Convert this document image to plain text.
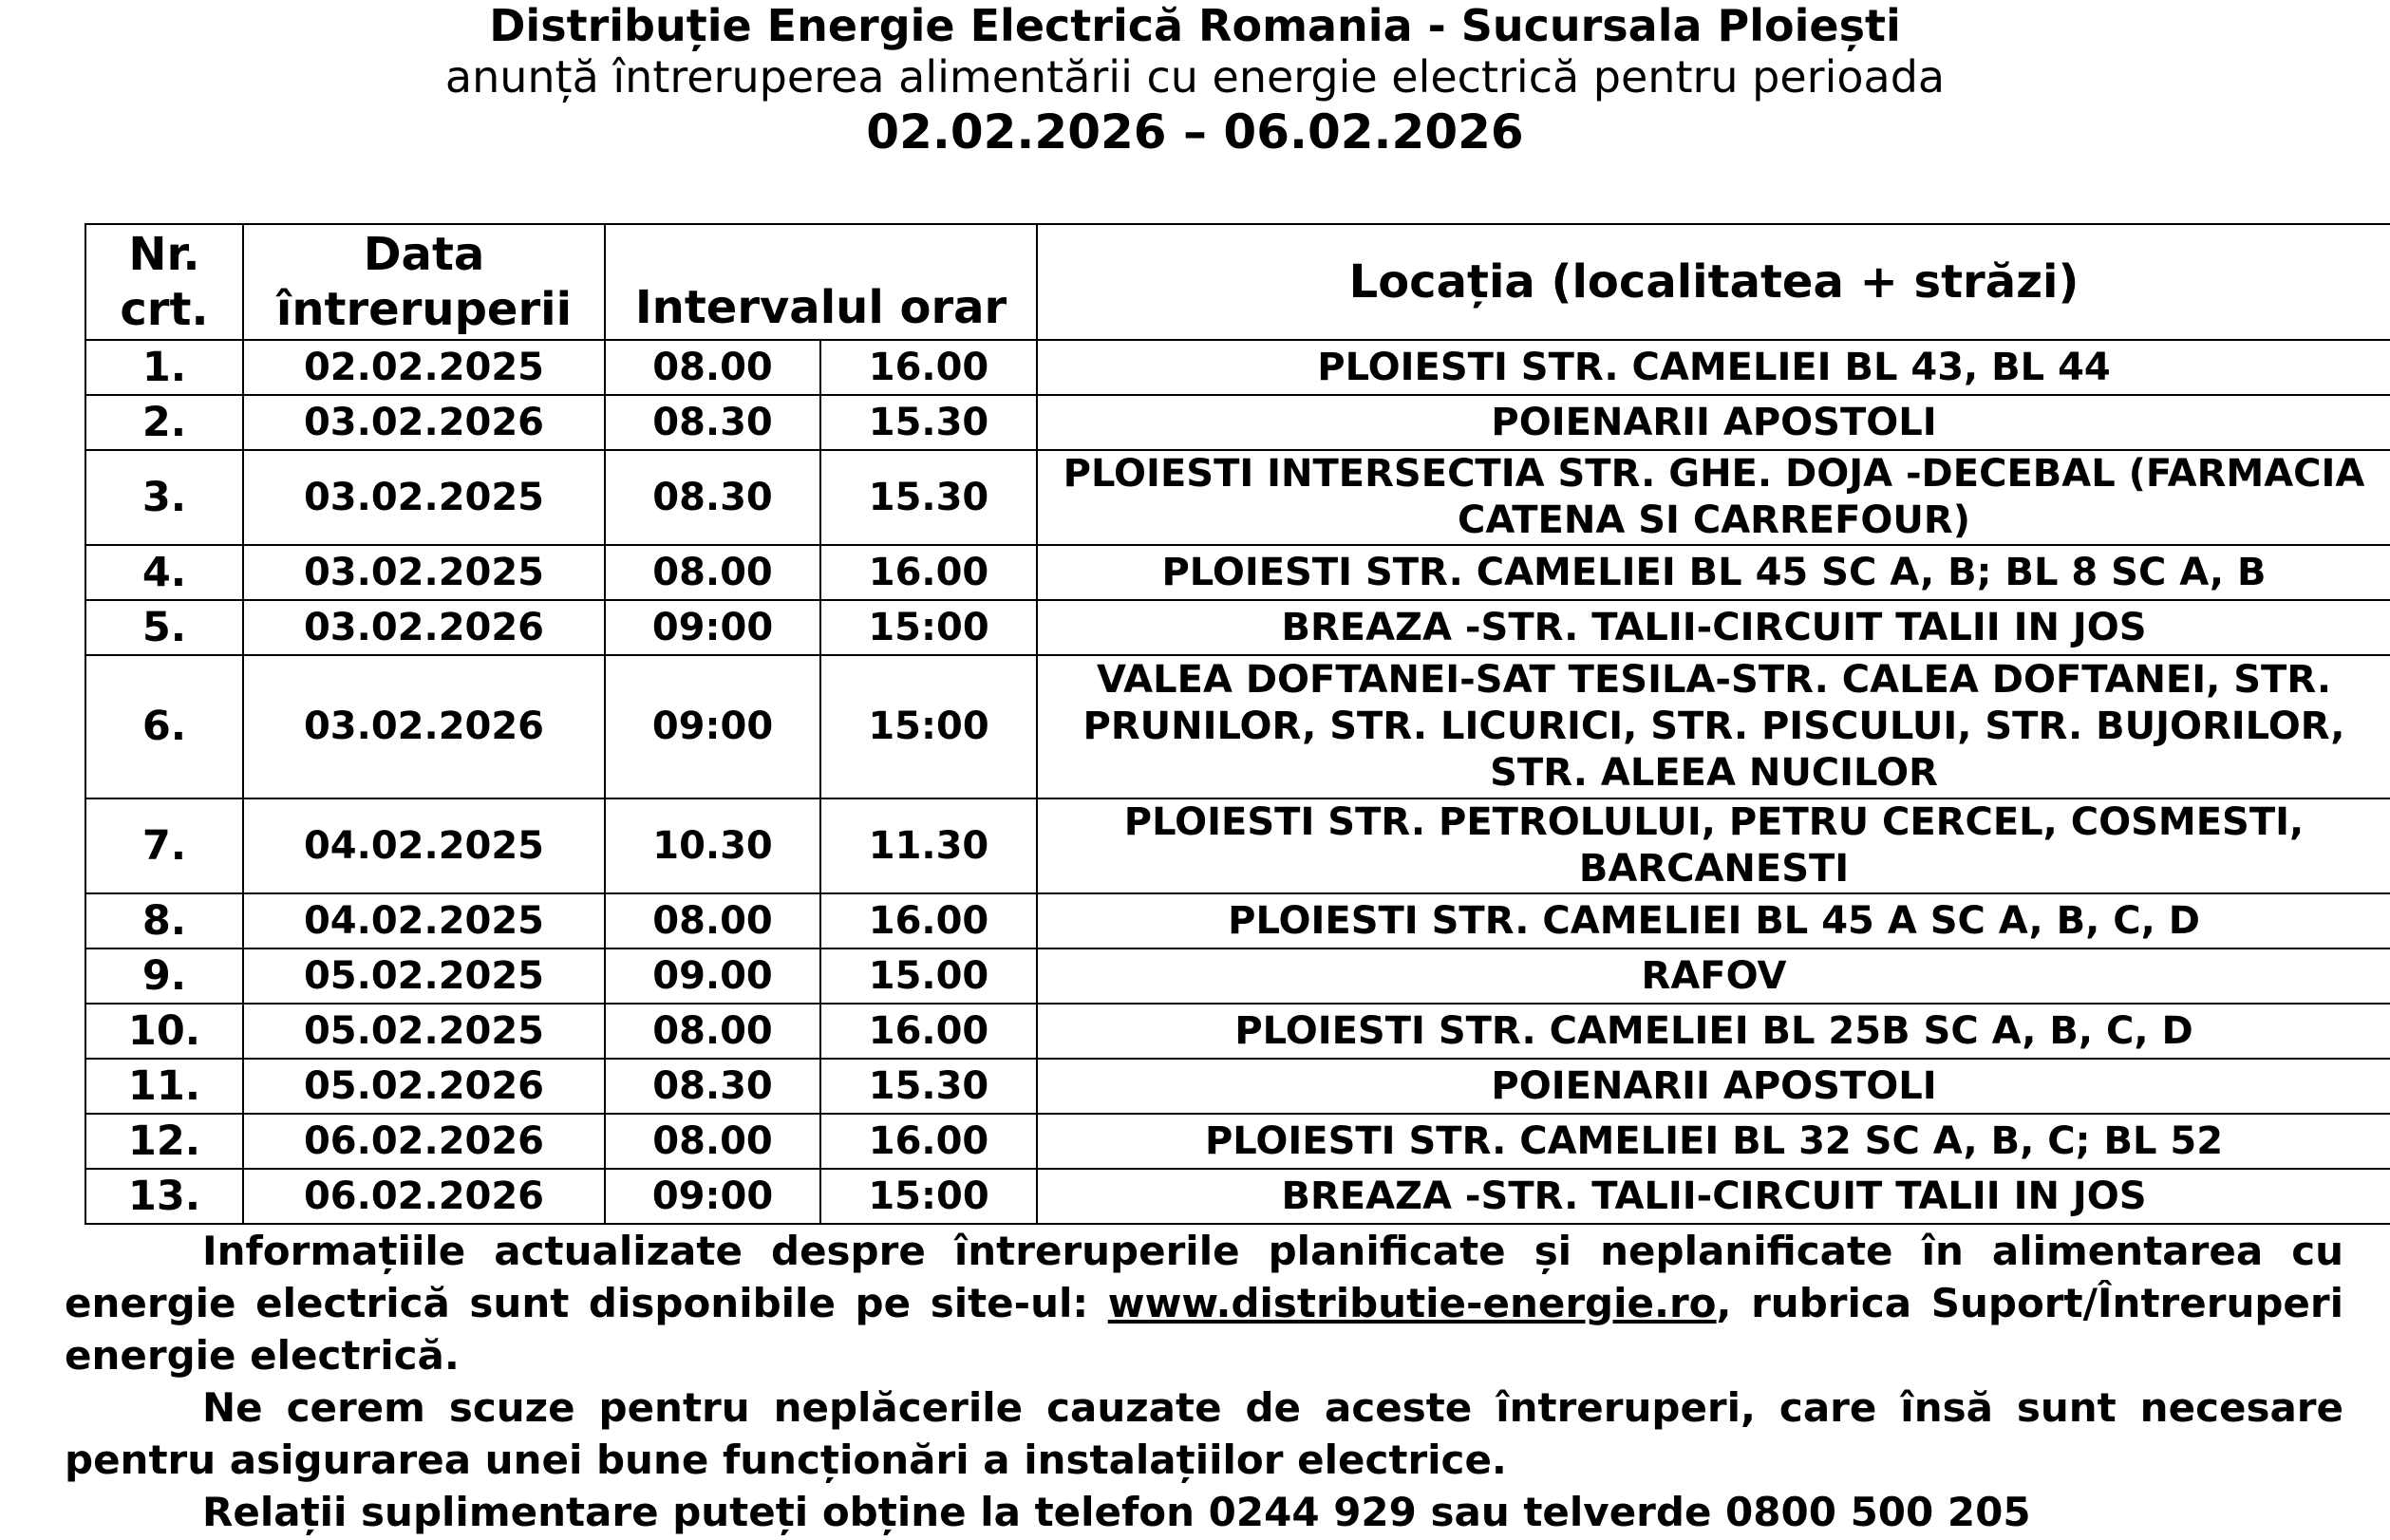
Distribuție Energie Electrică Romania - Sucursala Ploiești
anunță întreruperea alimentării cu energie electrică pentru perioada
02.02.2026 – 06.02.2026
Nr. crt.	Data întreruperii	Intervalul orar		Locația (localitatea + străzi)
1.	02.02.2025	08.00	16.00	PLOIESTI STR. CAMELIEI BL 43, BL 44
2.	03.02.2026	08.30	15.30	POIENARII APOSTOLI
3.	03.02.2025	08.30	15.30	PLOIESTI INTERSECTIA STR. GHE. DOJA -DECEBAL (FARMACIA CATENA SI CARREFOUR)
4.	03.02.2025	08.00	16.00	PLOIESTI STR. CAMELIEI BL 45 SC A, B; BL 8 SC A, B
5.	03.02.2026	09:00	15:00	BREAZA -STR. TALII-CIRCUIT TALII IN JOS
6.	03.02.2026	09:00	15:00	VALEA DOFTANEI-SAT TESILA-STR. CALEA DOFTANEI, STR. PRUNILOR, STR. LICURICI, STR. PISCULUI, STR. BUJORILOR, STR. ALEEA NUCILOR
7.	04.02.2025	10.30	11.30	PLOIESTI STR. PETROLULUI, PETRU CERCEL, COSMESTI, BARCANESTI
8.	04.02.2025	08.00	16.00	PLOIESTI STR. CAMELIEI BL 45 A SC A, B, C, D
9.	05.02.2025	09.00	15.00	RAFOV
10.	05.02.2025	08.00	16.00	PLOIESTI STR. CAMELIEI BL 25B SC A, B, C, D
11.	05.02.2026	08.30	15.30	POIENARII APOSTOLI
12.	06.02.2026	08.00	16.00	PLOIESTI STR. CAMELIEI BL 32 SC A, B, C; BL 52
13.	06.02.2026	09:00	15:00	BREAZA -STR. TALII-CIRCUIT TALII IN JOS
Informațiile actualizate despre întreruperile planificate și neplanificate în alimentarea cu energie electrică sunt disponibile pe site-ul: www.distributie-energie.ro, rubrica Suport/Întreruperi energie electrică.
Ne cerem scuze pentru neplăcerile cauzate de aceste întreruperi, care însă sunt necesare pentru asigurarea unei bune funcționări a instalațiilor electrice.
Relații suplimentare puteți obține la telefon 0244 929 sau telverde 0800 500 205
